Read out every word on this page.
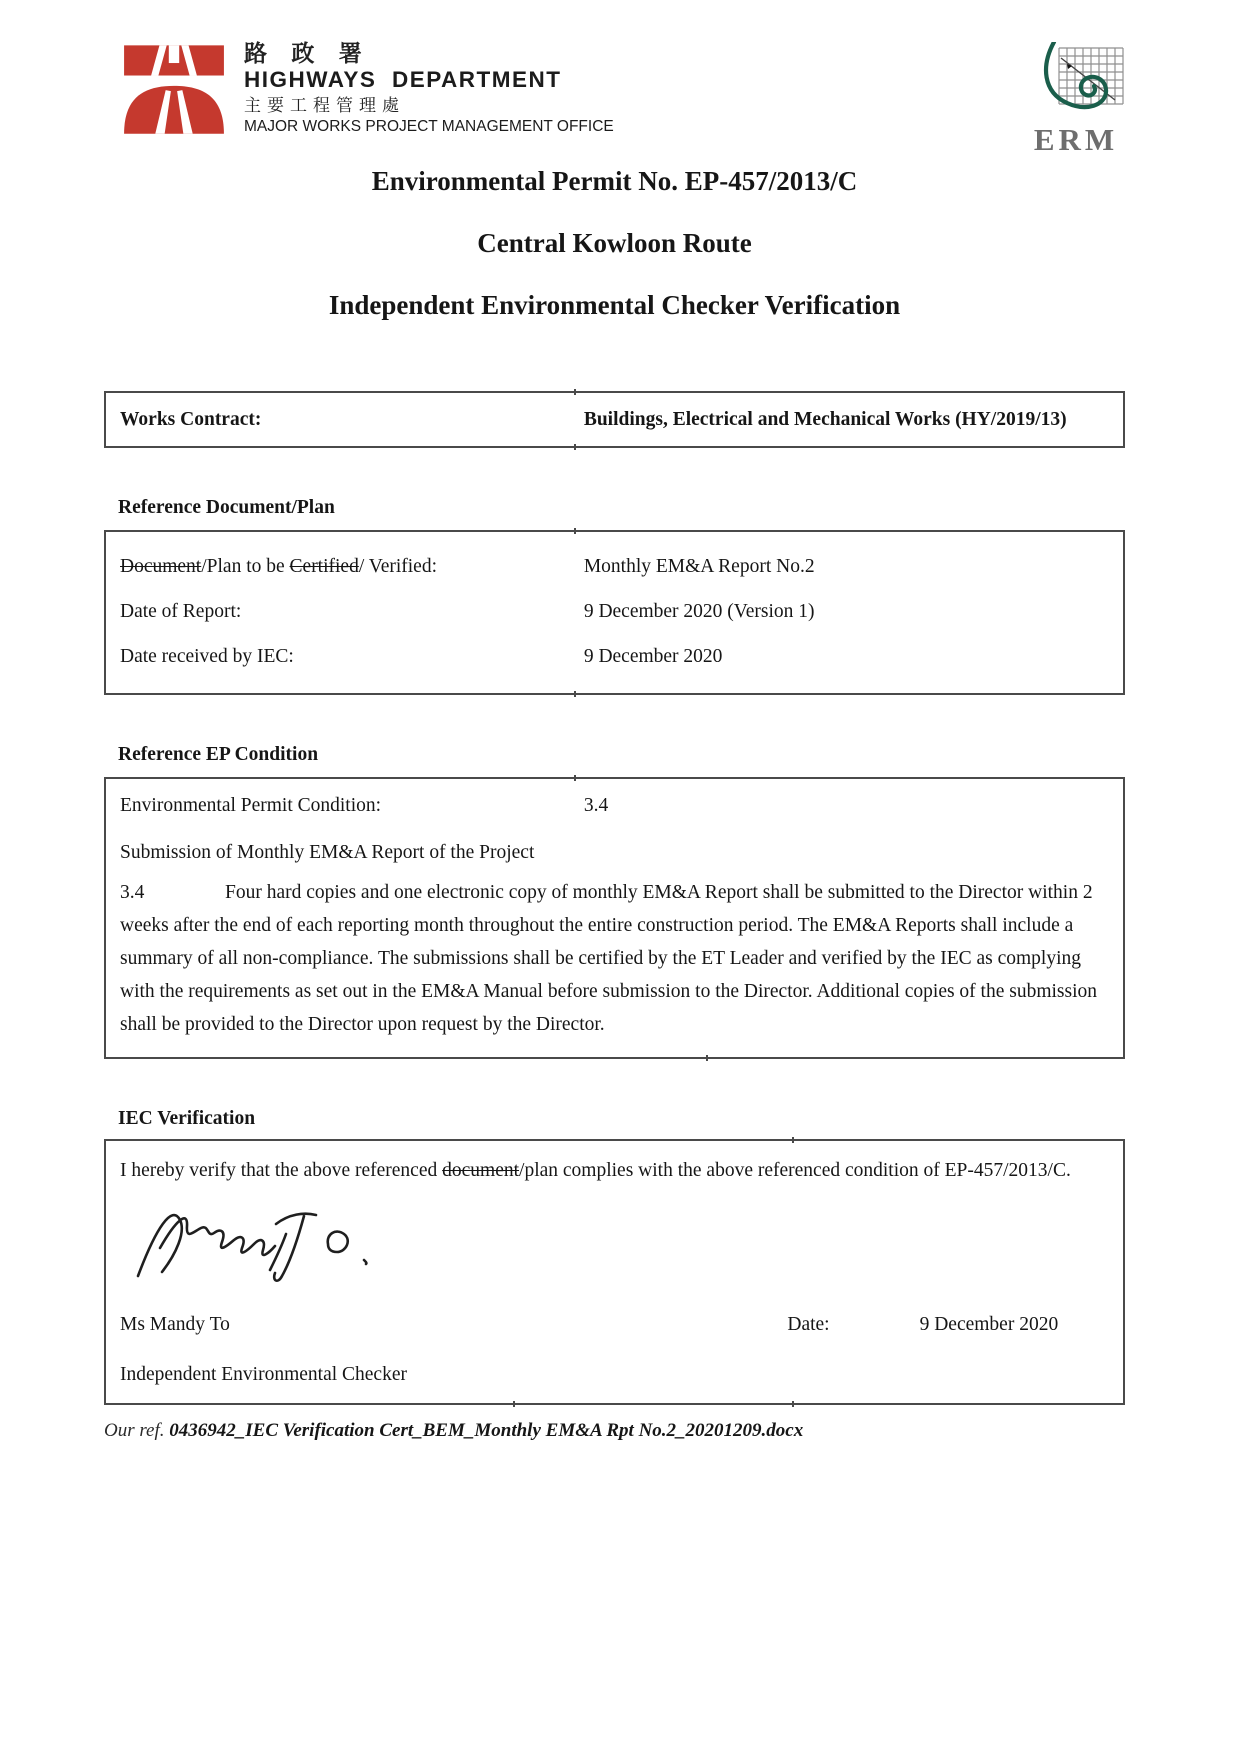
路 政 署
HIGHWAYS  DEPARTMENT
主要工程管理處
MAJOR WORKS PROJECT MANAGEMENT OFFICE	ERM
Environmental Permit No. EP-457/2013/C
Central Kowloon Route
Independent Environmental Checker Verification
Works Contract:	Buildings, Electrical and Mechanical Works (HY/2019/13)
Reference Document/Plan
Document/Plan to be Certified/ Verified:	Monthly EM&A Report No.2
Date of Report:	9 December 2020 (Version 1)
Date received by IEC:	9 December 2020
Reference EP Condition
Environmental Permit Condition:	3.4
Submission of Monthly EM&A Report of the Project
3.4	Four hard copies and one electronic copy of monthly EM&A Report shall be submitted to the Director within 2 weeks after the end of each reporting month throughout the entire construction period. The EM&A Reports shall include a summary of all non-compliance. The submissions shall be certified by the ET Leader and verified by the IEC as complying with the requirements as set out in the EM&A Manual before submission to the Director. Additional copies of the submission shall be provided to the Director upon request by the Director.
IEC Verification
I hereby verify that the above referenced document/plan complies with the above referenced condition of EP-457/2013/C.
Ms Mandy To	Date:	9 December 2020
Independent Environmental Checker
Our ref. 0436942_IEC Verification Cert_BEM_Monthly EM&A Rpt No.2_20201209.docx
